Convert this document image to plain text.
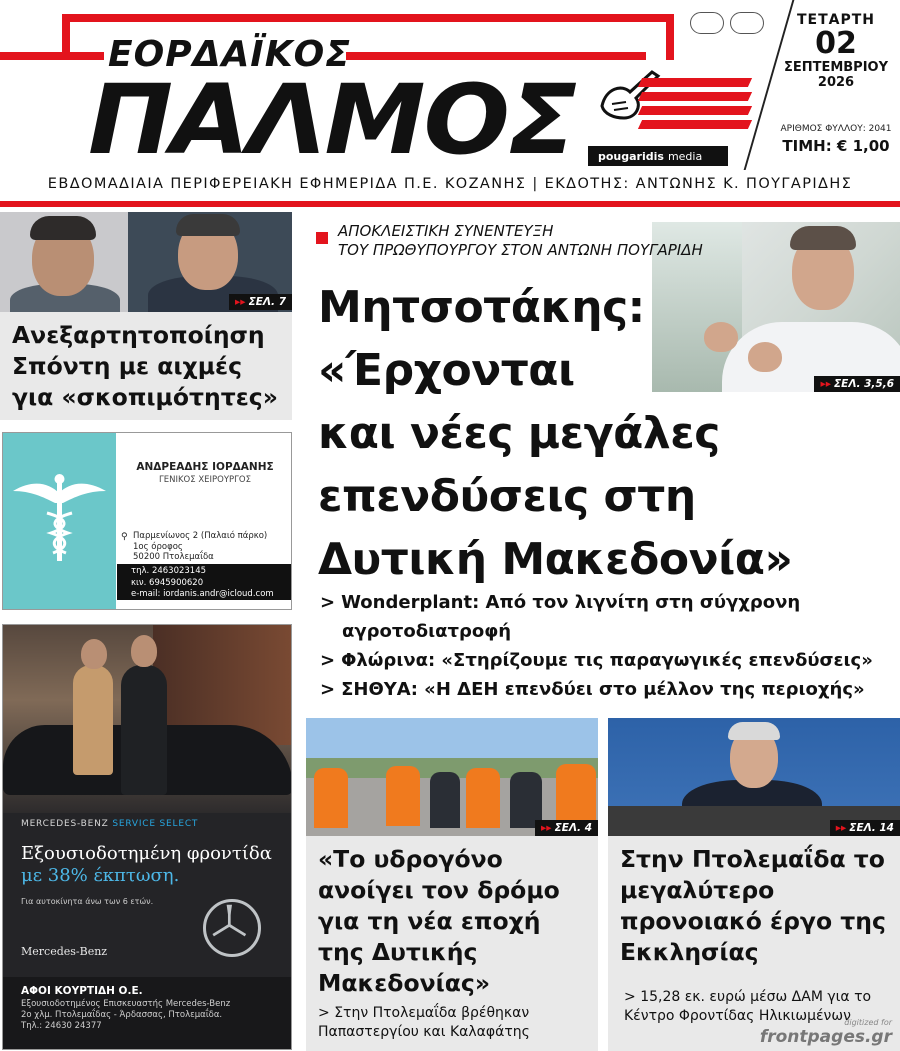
ΕΟΡΔΑΪΚΟΣ
ΠΑΛΜΟΣ pougaridis media
ΤΕΤΑΡΤΗ
02
ΣΕΠΤΕΜΒΡΙΟΥ
2026
ΑΡΙΘΜΟΣ ΦΥΛΛΟΥ: 2041
ΤΙΜΗ: € 1,00
ΕΒΔΟΜΑΔΙΑΙΑ ΠΕΡΙΦΕΡΕΙΑΚΗ ΕΦΗΜΕΡΙΔΑ Π.Ε. ΚΟΖΑΝΗΣ | ΕΚΔΟΤΗΣ: ΑΝΤΩΝΗΣ Κ. ΠΟΥΓΑΡΙΔΗΣ
▸▸ ΣΕΛ. 7
Ανεξαρτητοποίηση Σπόντη με αιχμές για «σκοπιμότητες»
ΑΝΔΡΕΑΔΗΣ ΙΟΡΔΑΝΗΣ
ΓΕΝΙΚΟΣ ΧΕΙΡΟΥΡΓΟΣ
⚲ Παρμενίωνος 2 (Παλαιό πάρκο)
1ος όροφος
50200 Πτολεμαΐδα
τηλ. 2463023145
κιν. 6945900620
e-mail: iordanis.andr@icloud.com
MERCEDES-BENZ SERVICE SELECT
Εξουσιοδοτημένη φροντίδα
με 38% έκπτωση.
Για αυτοκίνητα άνω των 6 ετών.
Mercedes-Benz
ΑΦΟΙ ΚΟΥΡΤΙΔΗ Ο.Ε.
Εξουσιοδοτημένος Επισκευαστής Mercedes-Benz
2ο χλμ. Πτολεμαΐδας - Άρδασσας, Πτολεμαΐδα.
Τηλ.: 24630 24377
▸▸ ΣΕΛ. 3,5,6
ΑΠΟΚΛΕΙΣΤΙΚΗ ΣΥΝΕΝΤΕΥΞΗ
ΤΟΥ ΠΡΩΘΥΠΟΥΡΓΟΥ ΣΤΟΝ ΑΝΤΩΝΗ ΠΟΥΓΑΡΙΔΗ
Μητσοτάκης:
«Έρχονται
και νέες μεγάλες
επενδύσεις στη
Δυτική Μακεδονία»
> Wonderplant: Από τον λιγνίτη στη σύγχρονη
αγροτοδιατροφή
> Φλώρινα: «Στηρίζουμε τις παραγωγικές επενδύσεις»
> ΣΗΘΥΑ: «Η ΔΕΗ επενδύει στο μέλλον της περιοχής»
▸▸ ΣΕΛ. 4
«Το υδρογόνο ανοίγει τον δρόμο για τη νέα εποχή της Δυτικής Μακεδονίας»
> Στην Πτολεμαΐδα βρέθηκαν Παπαστεργίου και Καλαφάτης
▸▸ ΣΕΛ. 14
Στην Πτολεμαΐδα το μεγαλύτερο προνοιακό έργο της Εκκλησίας
> 15,28 εκ. ευρώ μέσω ΔΑΜ για το Κέντρο Φροντίδας Ηλικιωμένων
digitized for
frontpages.gr
